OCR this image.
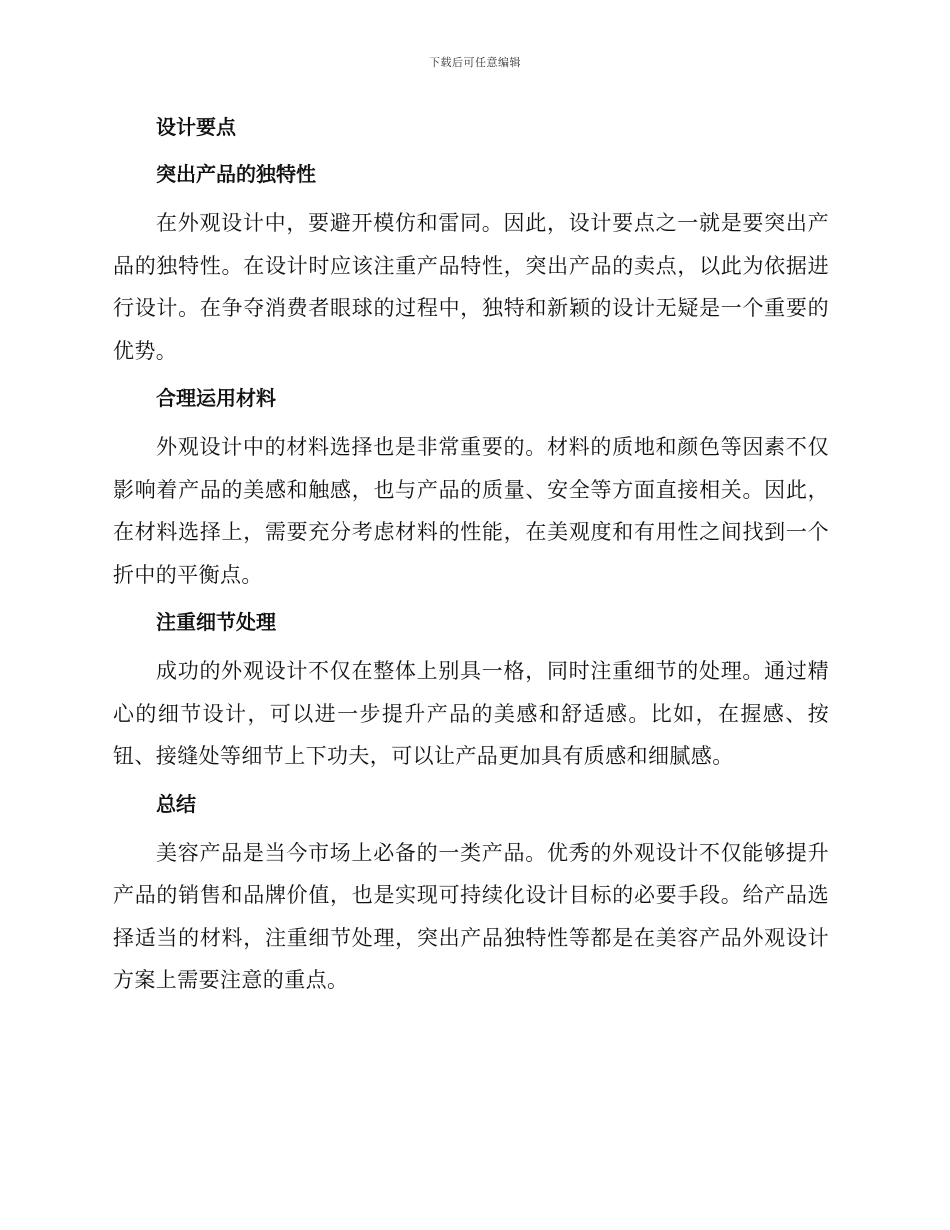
下载后可任意编辑
设计要点
突出产品的独特性

在外观设计中，要避开模仿和雷同。因此，设计要点之一就是要突出产品的独特性。在设计时应该注重产品特性，突出产品的卖点，以此为依据进行设计。在争夺消费者眼球的过程中，独特和新颖的设计无疑是一个重要的优势。

合理运用材料

外观设计中的材料选择也是非常重要的。材料的质地和颜色等因素不仅影响着产品的美感和触感，也与产品的质量、安全等方面直接相关。因此，在材料选择上，需要充分考虑材料的性能，在美观度和有用性之间找到一个折中的平衡点。

注重细节处理

成功的外观设计不仅在整体上别具一格，同时注重细节的处理。通过精心的细节设计，可以进一步提升产品的美感和舒适感。比如，在握感、按钮、接缝处等细节上下功夫，可以让产品更加具有质感和细腻感。

总结

美容产品是当今市场上必备的一类产品。优秀的外观设计不仅能够提升产品的销售和品牌价值，也是实现可持续化设计目标的必要手段。给产品选择适当的材料，注重细节处理，突出产品独特性等都是在美容产品外观设计方案上需要注意的重点。
